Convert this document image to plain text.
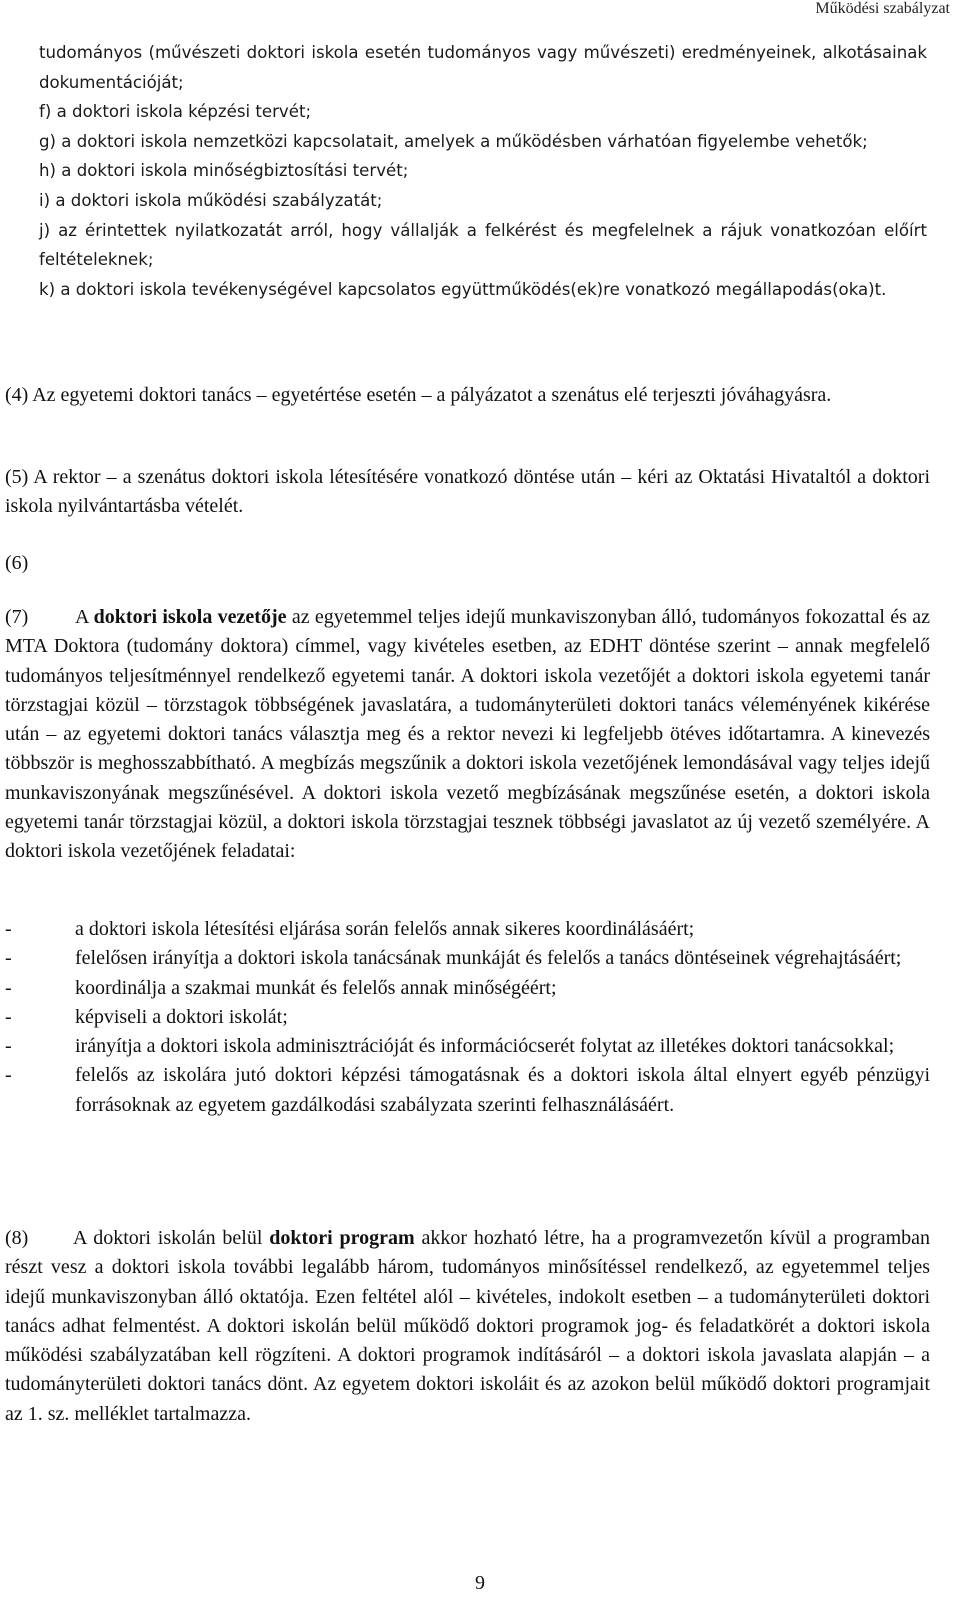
Működési szabályzat

tudományos (művészeti doktori iskola esetén tudományos vagy művészeti) eredményeinek, alkotásainak dokumentációját;

f) a doktori iskola képzési tervét;

g) a doktori iskola nemzetközi kapcsolatait, amelyek a működésben várhatóan figyelembe vehetők;

h) a doktori iskola minőségbiztosítási tervét;

i) a doktori iskola működési szabályzatát;

j) az érintettek nyilatkozatát arról, hogy vállalják a felkérést és megfelelnek a rájuk vonatkozóan előírt feltételeknek;

k) a doktori iskola tevékenységével kapcsolatos együttműködés(ek)re vonatkozó megállapodás(oka)t.

(4) Az egyetemi doktori tanács – egyetértése esetén – a pályázatot a szenátus elé terjeszti jóváhagyásra.

(5) A rektor – a szenátus doktori iskola létesítésére vonatkozó döntése után – kéri az Oktatási Hivataltól a doktori iskola nyilvántartásba vételét.

(6)

(7) A doktori iskola vezetője az egyetemmel teljes idejű munkaviszonyban álló, tudományos fokozattal és az MTA Doktora (tudomány doktora) címmel, vagy kivételes esetben, az EDHT döntése szerint – annak megfelelő tudományos teljesítménnyel rendelkező egyetemi tanár. A doktori iskola vezetőjét a doktori iskola egyetemi tanár törzstagjai közül – törzstagok többségének javaslatára, a tudományterületi doktori tanács véleményének kikérése után – az egyetemi doktori tanács választja meg és a rektor nevezi ki legfeljebb ötéves időtartamra. A kinevezés többször is meghosszabbítható. A megbízás megszűnik a doktori iskola vezetőjének lemondásával vagy teljes idejű munkaviszonyának megszűnésével. A doktori iskola vezető megbízásának megszűnése esetén, a doktori iskola egyetemi tanár törzstagjai közül, a doktori iskola törzstagjai tesznek többségi javaslatot az új vezető személyére. A doktori iskola vezetőjének feladatai:

-	a doktori iskola létesítési eljárása során felelős annak sikeres koordinálásáért;
-	felelősen irányítja a doktori iskola tanácsának munkáját és felelős a tanács döntéseinek végrehajtásáért;
-	koordinálja a szakmai munkát és felelős annak minőségéért;
-	képviseli a doktori iskolát;
-	irányítja a doktori iskola adminisztrációját és információcserét folytat az illetékes doktori tanácsokkal;
-	felelős az iskolára jutó doktori képzési támogatásnak és a doktori iskola által elnyert egyéb pénzügyi forrásoknak az egyetem gazdálkodási szabályzata szerinti felhasználásáért.

(8) A doktori iskolán belül doktori program akkor hozható létre, ha a programvezetőn kívül a programban részt vesz a doktori iskola további legalább három, tudományos minősítéssel rendelkező, az egyetemmel teljes idejű munkaviszonyban álló oktatója. Ezen feltétel alól – kivételes, indokolt esetben – a tudományterületi doktori tanács adhat felmentést. A doktori iskolán belül működő doktori programok jog- és feladatkörét a doktori iskola működési szabályzatában kell rögzíteni. A doktori programok indításáról – a doktori iskola javaslata alapján – a tudományterületi doktori tanács dönt. Az egyetem doktori iskoláit és az azokon belül működő doktori programjait az 1. sz. melléklet tartalmazza.

9
